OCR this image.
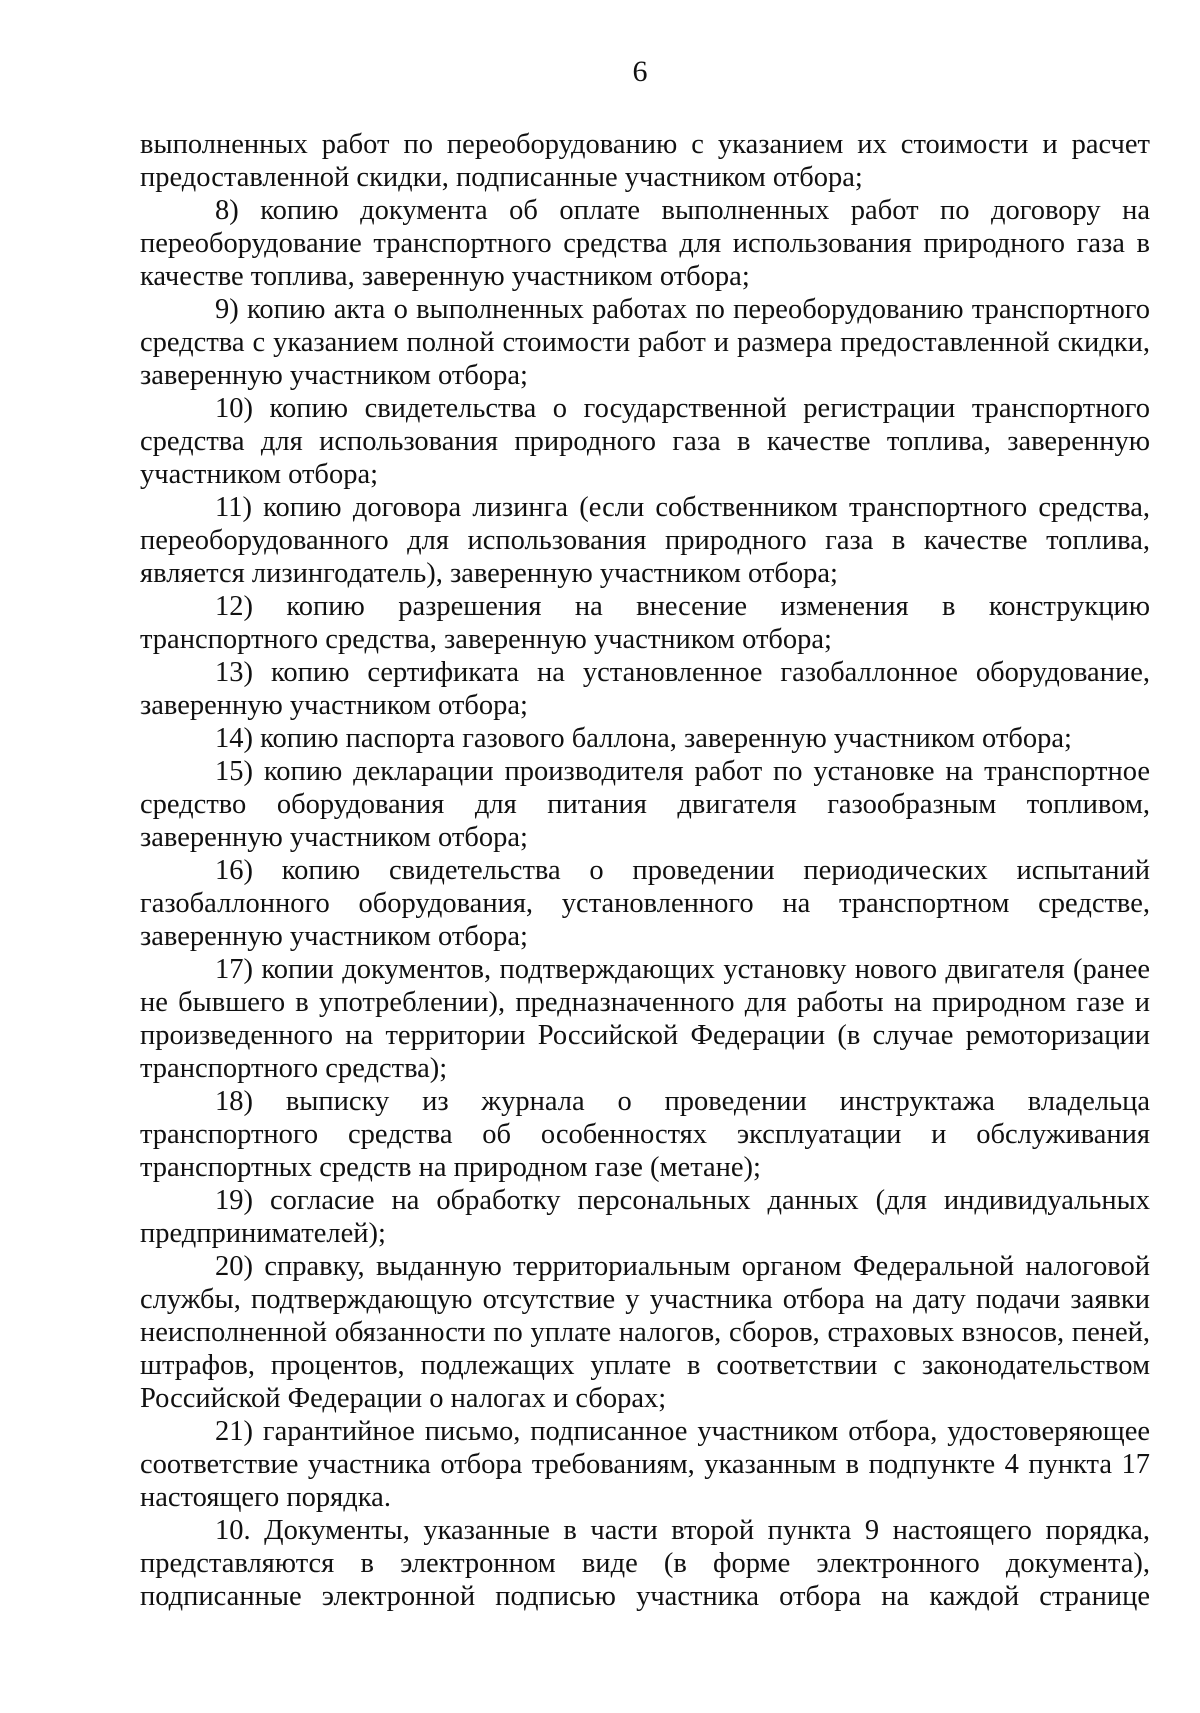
6

выполненных работ по переоборудованию с указанием их стоимости и расчет предоставленной скидки, подписанные участником отбора;

8) копию документа об оплате выполненных работ по договору на переоборудование транспортного средства для использования природного газа в качестве топлива, заверенную участником отбора;

9) копию акта о выполненных работах по переоборудованию транспортного средства с указанием полной стоимости работ и размера предоставленной скидки, заверенную участником отбора;

10) копию свидетельства о государственной регистрации транспортного средства для использования природного газа в качестве топлива, заверенную участником отбора;

11) копию договора лизинга (если собственником транспортного средства, переоборудованного для использования природного газа в качестве топлива, является лизингодатель), заверенную участником отбора;

12) копию разрешения на внесение изменения в конструкцию транспортного средства, заверенную участником отбора;

13) копию сертификата на установленное газобаллонное оборудование, заверенную участником отбора;

14) копию паспорта газового баллона, заверенную участником отбора;

15) копию декларации производителя работ по установке на транспортное средство оборудования для питания двигателя газообразным топливом, заверенную участником отбора;

16) копию свидетельства о проведении периодических испытаний газобаллонного оборудования, установленного на транспортном средстве, заверенную участником отбора;

17) копии документов, подтверждающих установку нового двигателя (ранее не бывшего в употреблении), предназначенного для работы на природном газе и произведенного на территории Российской Федерации (в случае ремоторизации транспортного средства);

18) выписку из журнала о проведении инструктажа владельца транспортного средства об особенностях эксплуатации и обслуживания транспортных средств на природном газе (метане);

19) согласие на обработку персональных данных (для индивидуальных предпринимателей);

20) справку, выданную территориальным органом Федеральной налоговой службы, подтверждающую отсутствие у участника отбора на дату подачи заявки неисполненной обязанности по уплате налогов, сборов, страховых взносов, пеней, штрафов, процентов, подлежащих уплате в соответствии с законодательством Российской Федерации о налогах и сборах;

21) гарантийное письмо, подписанное участником отбора, удостоверяющее соответствие участника отбора требованиям, указанным в подпункте 4 пункта 17 настоящего порядка.

10. Документы, указанные в части второй пункта 9 настоящего порядка, представляются в электронном виде (в форме электронного документа), подписанные электронной подписью участника отбора на каждой странице
